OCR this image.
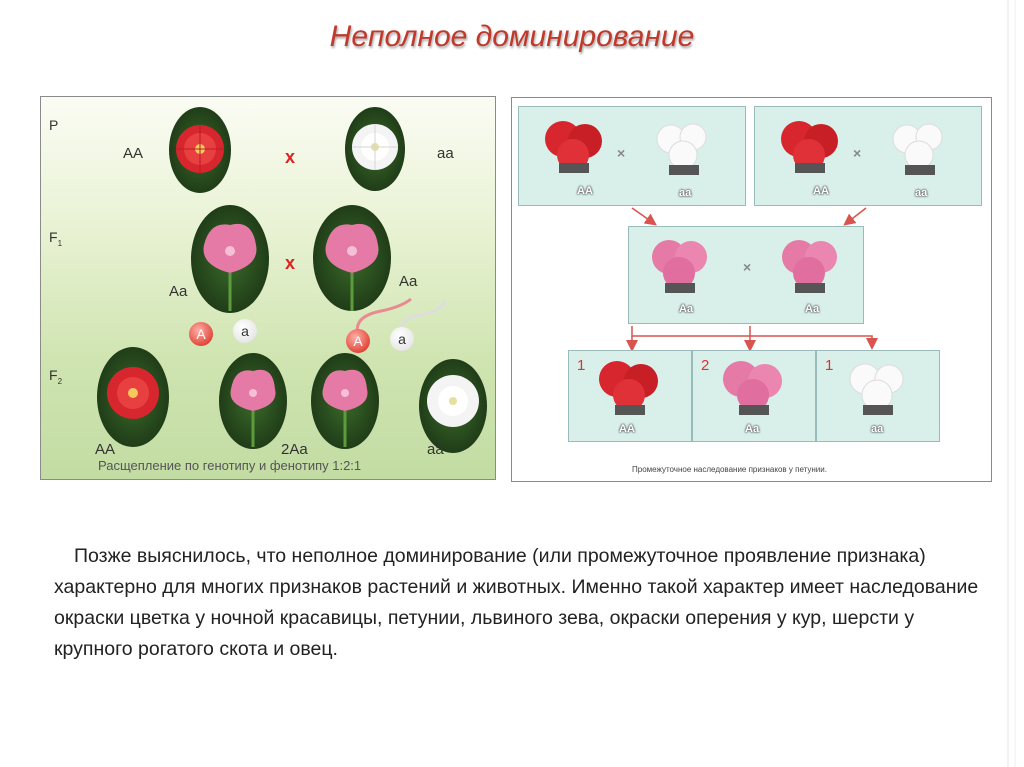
Неполное доминирование
P
$F_1$
$F_2$
AA	x	aa
Aa
x
Aa
A	a
A	a
AA	2Aa	aa
Расщепление по генотипу и фенотипу 1:2:1
×
AA	aa
×
AA	aa
×
Aa	Aa
1
AA
2
Aa
1
aa
Промежуточное наследование признаков у петунии.
Позже выяснилось, что неполное доминирование (или промежуточное проявление признака) характерно для многих признаков растений и животных. Именно такой характер имеет наследование окраски цветка у ночной красавицы, петунии, львиного зева, окраски оперения у кур, шерсти у крупного рогатого скота и овец.
